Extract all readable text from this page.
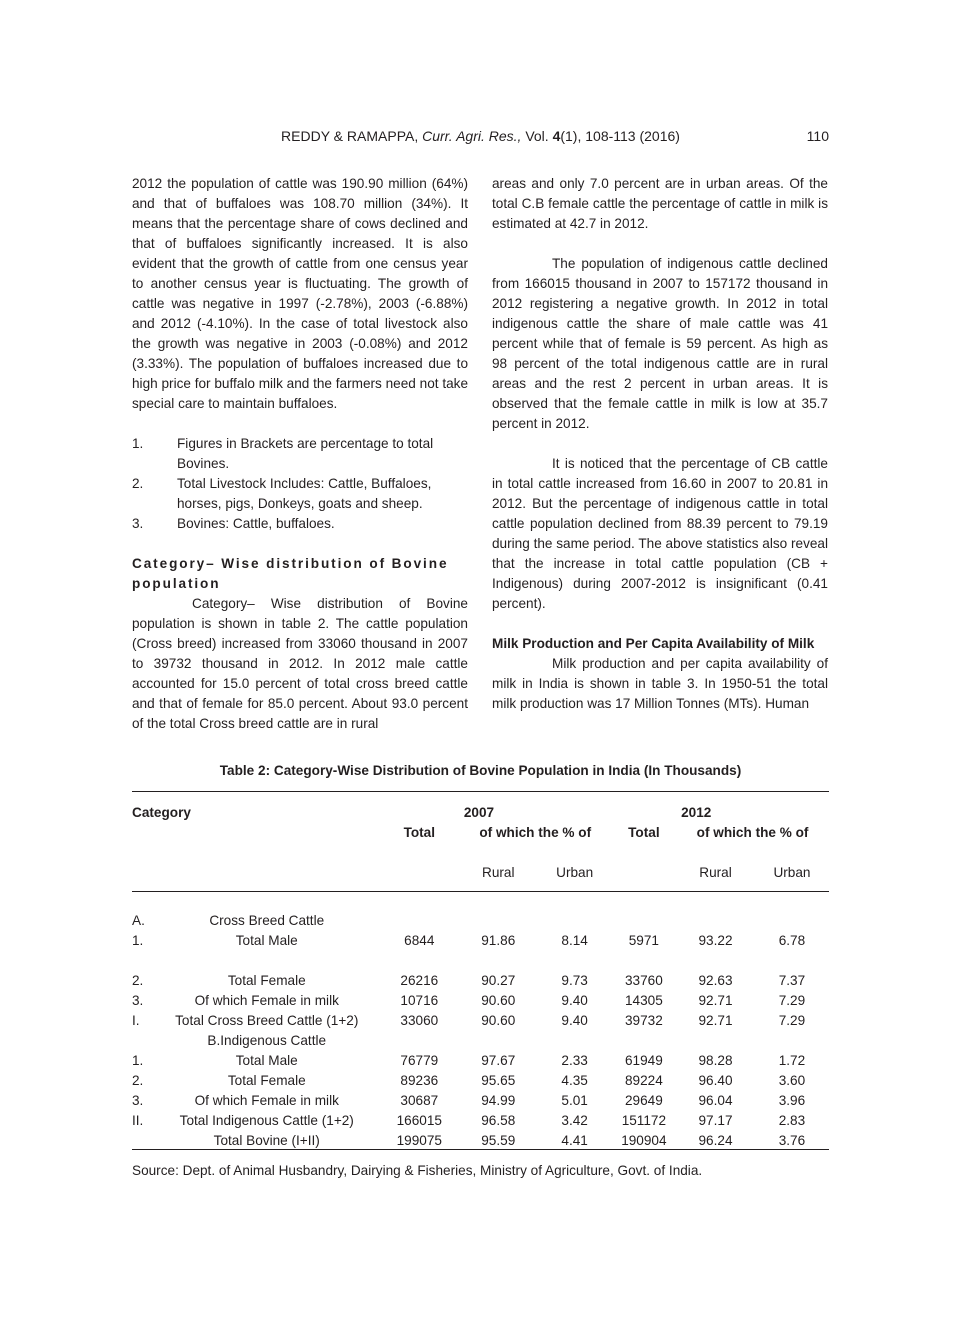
REDDY & RAMAPPA, Curr. Agri. Res., Vol. 4(1), 108-113 (2016)	110

2012 the population of cattle was 190.90 million (64%) and that of buffaloes was 108.70 million (34%). It means that the percentage share of cows declined and that of buffaloes significantly increased. It is also evident that the growth of cattle from one census year to another census year is fluctuating. The growth of cattle was negative in 1997 (-2.78%), 2003 (-6.88%) and 2012 (-4.10%). In the case of total livestock also the growth was negative in 2003 (-0.08%) and 2012 (3.33%). The population of buffaloes increased due to high price for buffalo milk and the farmers need not take special care to maintain buffaloes.

1.	Figures in Brackets are percentage to total Bovines.
2.	Total Livestock Includes: Cattle, Buffaloes, horses, pigs, Donkeys, goats and sheep.
3.	Bovines: Cattle, buffaloes.
Category– Wise distribution of Bovine population

Category– Wise distribution of Bovine population is shown in table 2. The cattle population (Cross breed) increased from 33060 thousand in 2007 to 39732 thousand in 2012. In 2012 male cattle accounted for 15.0 percent of total cross breed cattle and that of female for 85.0 percent. About 93.0 percent of the total Cross breed cattle are in rural

areas and only 7.0 percent are in urban areas. Of the total C.B female cattle the percentage of cattle in milk is estimated at 42.7 in 2012.

The population of indigenous cattle declined from 166015 thousand in 2007 to 157172 thousand in 2012 registering a negative growth. In 2012 in total indigenous cattle the share of male cattle was 41 percent while that of female is 59 percent. As high as 98 percent of the total indigenous cattle are in rural areas and the rest 2 percent in urban areas. It is observed that the female cattle in milk is low at 35.7 percent in 2012.

It is noticed that the percentage of CB cattle in total cattle increased from 16.60 in 2007 to 20.81 in 2012. But the percentage of indigenous cattle in total cattle population declined from 88.39 percent to 79.19 during the same period. The above statistics also reveal that the increase in total cattle population (CB + Indigenous) during 2007-2012 is insignificant (0.41 percent).

Milk Production and Per Capita Availability of Milk

Milk production and per capita availability of milk in India is shown in table 3. In 1950-51 the total milk production was 17 Million Tonnes (MTs). Human

Table 2: Category-Wise Distribution of Bovine Population in India (In Thousands)
Category			2007			2012	
		Total	of which the % of		Total	of which the % of	

			Rural	Urban		Rural	Urban

A.	Cross Breed Cattle						
1.	Total Male	6844	91.86	8.14	5971	93.22	6.78

2.	Total Female	26216	90.27	9.73	33760	92.63	7.37
3.	Of which Female in milk	10716	90.60	9.40	14305	92.71	7.29
I.	Total Cross Breed Cattle (1+2)	33060	90.60	9.40	39732	92.71	7.29
	B.Indigenous Cattle						
1.	Total Male	76779	97.67	2.33	61949	98.28	1.72
2.	Total Female	89236	95.65	4.35	89224	96.40	3.60
3.	Of which Female in milk	30687	94.99	5.01	29649	96.04	3.96
II.	Total Indigenous Cattle (1+2)	166015	96.58	3.42	151172	97.17	2.83
	Total Bovine (I+II)	199075	95.59	4.41	190904	96.24	3.76
Source: Dept. of Animal Husbandry, Dairying & Fisheries, Ministry of Agriculture, Govt. of India.
